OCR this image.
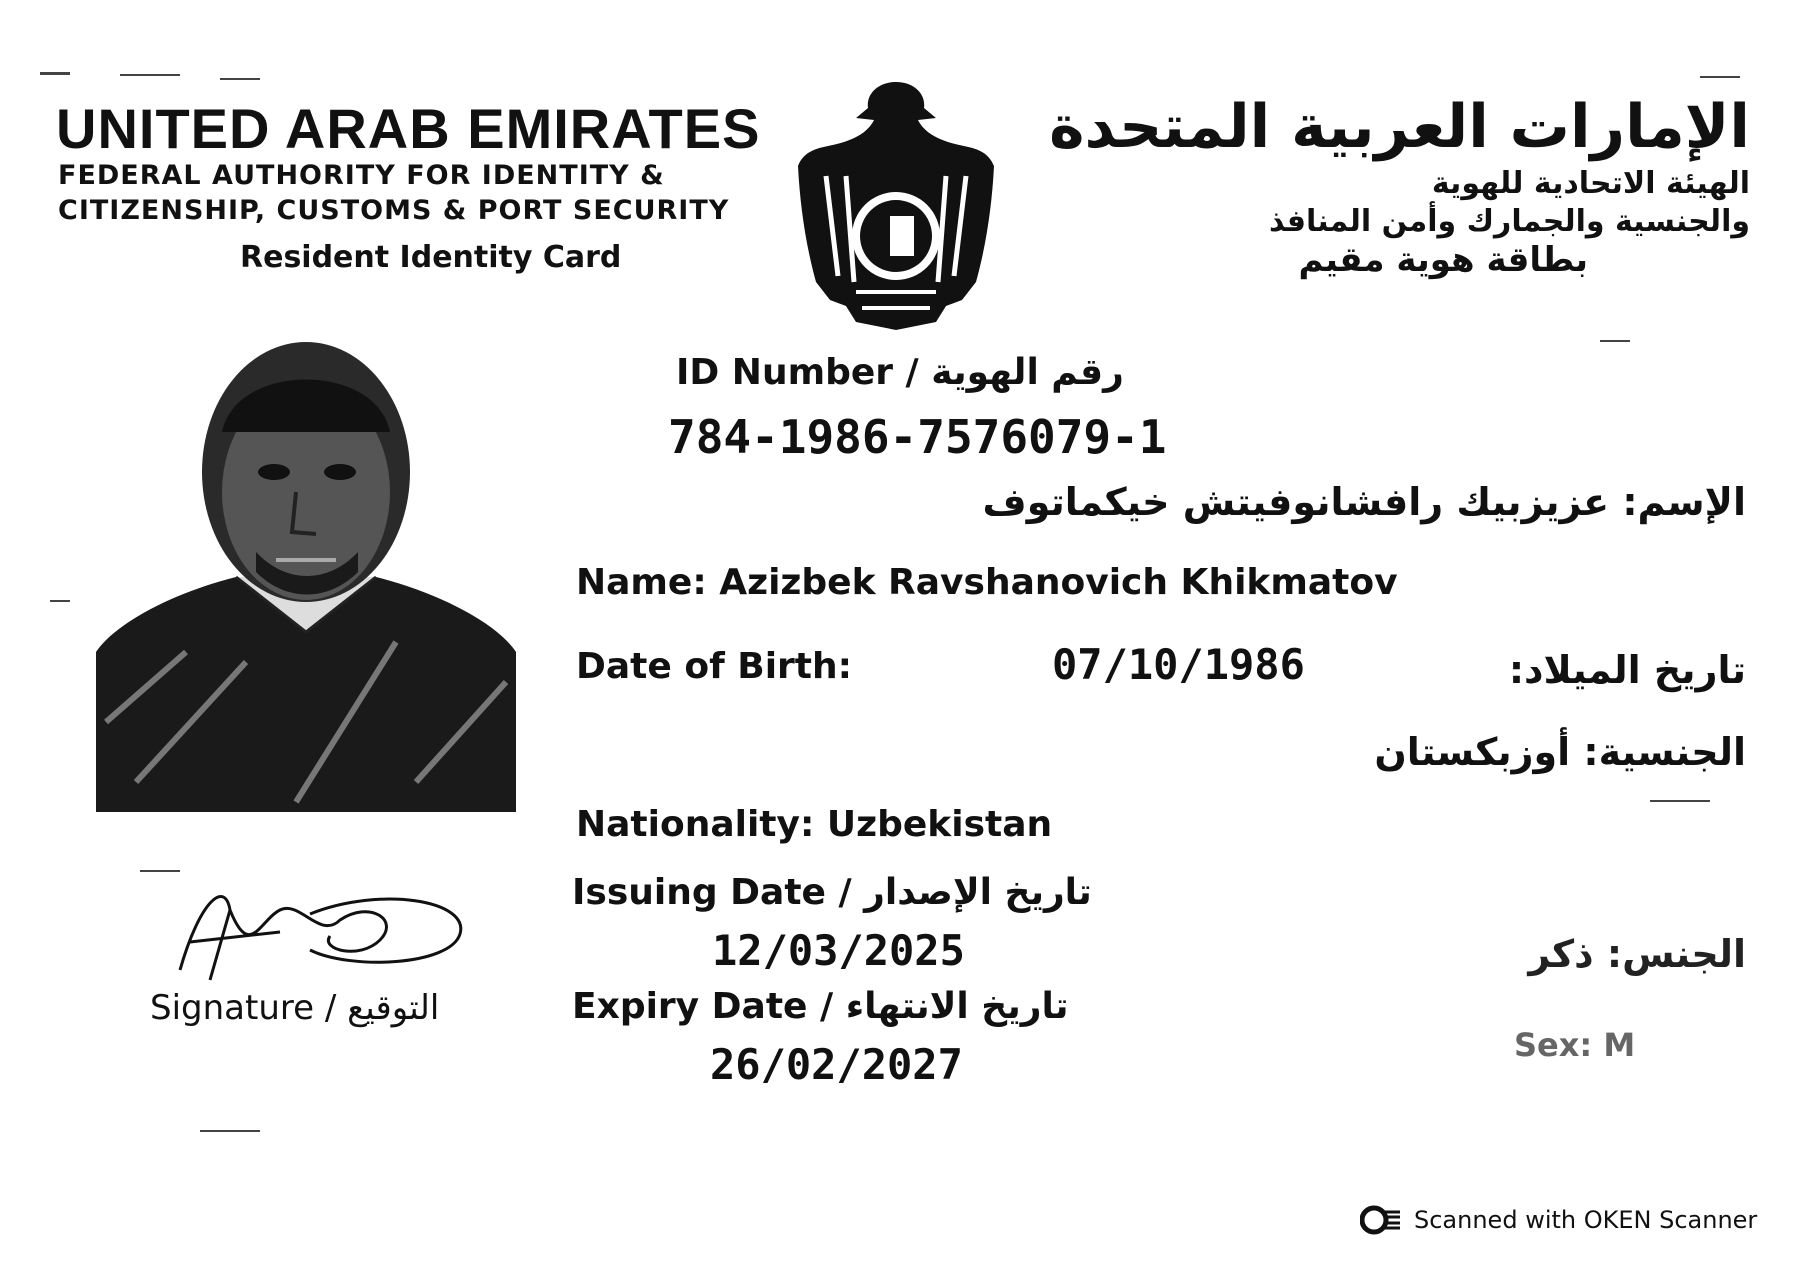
UNITED ARAB EMIRATES
FEDERAL AUTHORITY FOR IDENTITY &
CITIZENSHIP, CUSTOMS & PORT SECURITY
Resident Identity Card
الإمارات العربية المتحدة
الهيئة الاتحادية للهوية
والجنسية والجمارك وأمن المنافذ
بطاقة هوية مقيم
Signature / التوقيع
ID Number / رقم الهوية
784-1986-7576079-1
الإسم: عزيزبيك رافشانوفيتش خيكماتوف
Name: Azizbek Ravshanovich Khikmatov
Date of Birth:	07/10/1986	تاريخ الميلاد:
الجنسية: أوزبكستان
Nationality: Uzbekistan
Issuing Date / تاريخ الإصدار
12/03/2025
Expiry Date / تاريخ الانتهاء
26/02/2027
الجنس: ذكر
Sex: M
Scanned with OKEN Scanner
